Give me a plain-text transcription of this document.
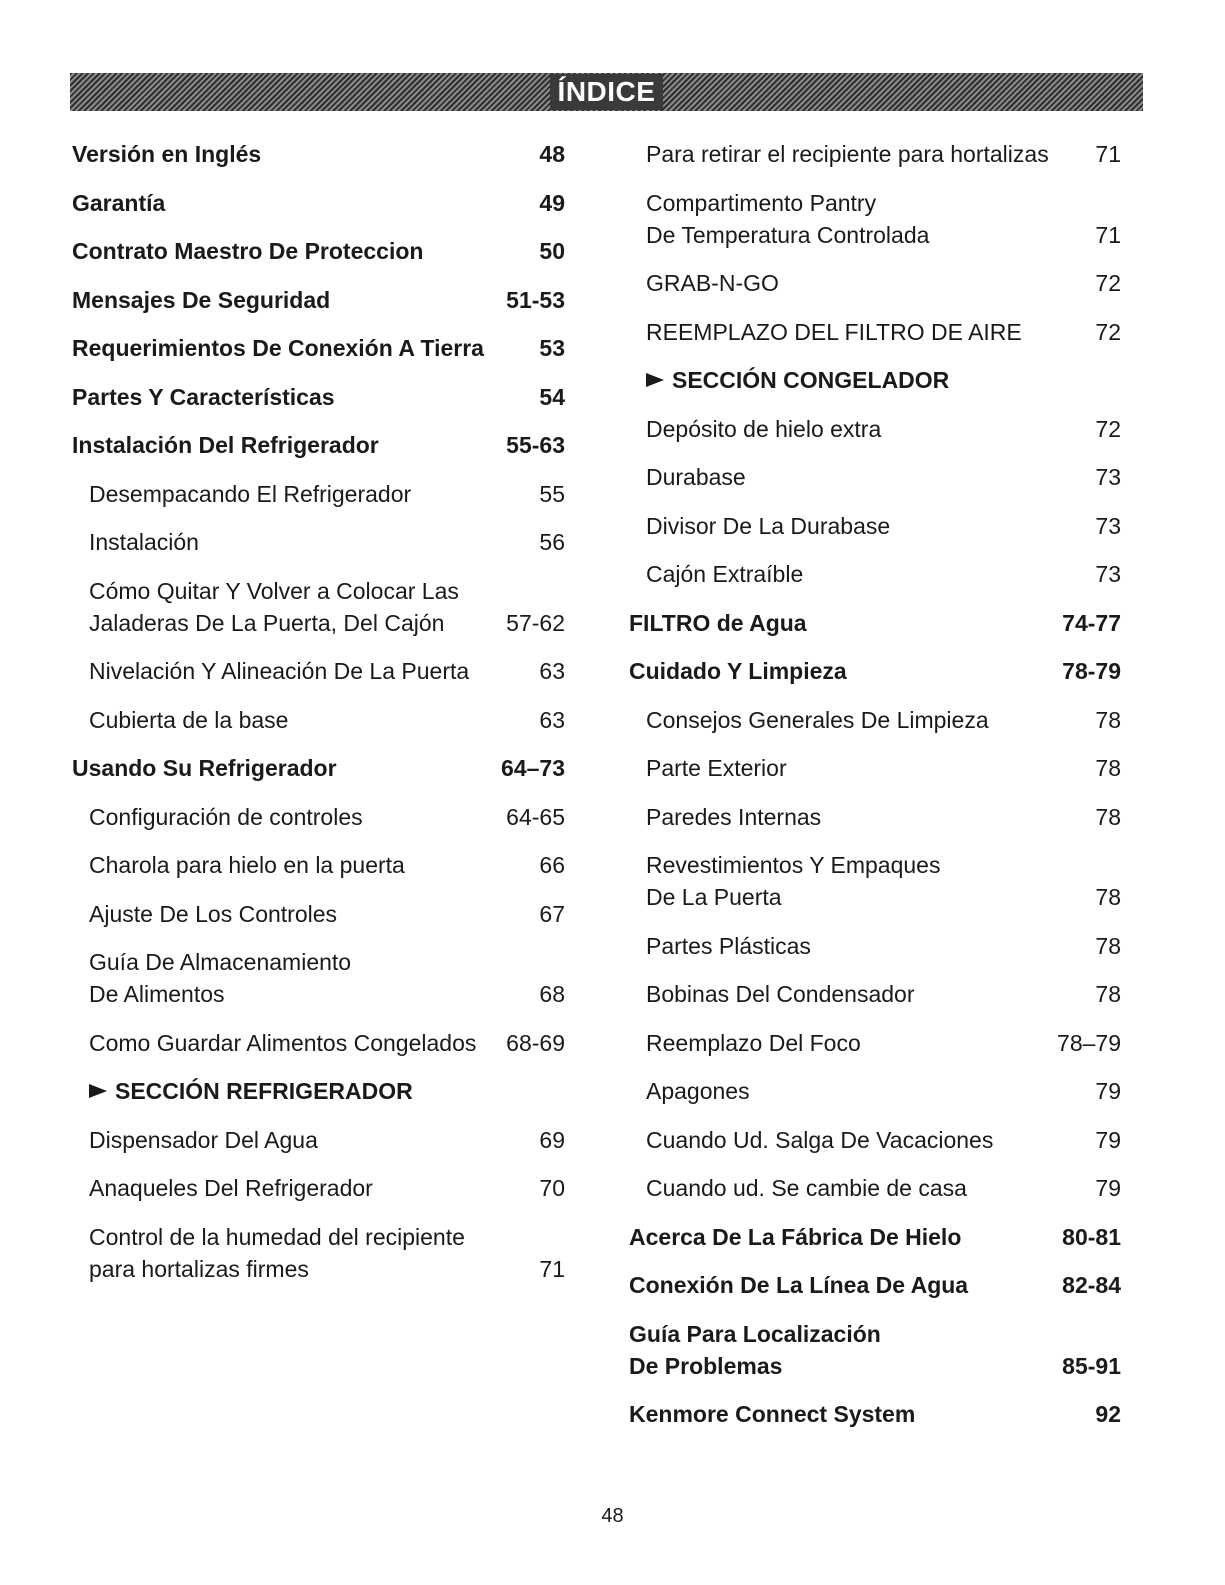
ÍNDICE
Versión en Inglés	48
Garantía	49
Contrato Maestro De Proteccion	50
Mensajes De Seguridad	51-53
Requerimientos De Conexión A Tierra	53
Partes Y Características	54
Instalación Del Refrigerador	55-63
Desempacando El Refrigerador	55
Instalación	56
Cómo Quitar Y Volver a Colocar Las
Jaladeras De La Puerta, Del Cajón	57-62
Nivelación Y Alineación De La Puerta	63
Cubierta de la base	63
Usando Su Refrigerador	64–73
Configuración de controles	64-65
Charola para hielo en la puerta	66
Ajuste De Los Controles	67
Guía De Almacenamiento
De Alimentos	68
Como Guardar Alimentos Congelados	68-69
SECCIÓN REFRIGERADOR
Dispensador Del Agua	69
Anaqueles Del Refrigerador	70
Control de la humedad del recipiente
para hortalizas firmes	71
Para retirar el recipiente para hortalizas	71
Compartimento Pantry
De Temperatura Controlada	71
GRAB-N-GO	72
REEMPLAZO DEL FILTRO DE AIRE	72
SECCIÓN CONGELADOR
Depósito de hielo extra	72
Durabase	73
Divisor De La Durabase	73
Cajón Extraíble	73
FILTRO de Agua	74-77
Cuidado Y Limpieza	78-79
Consejos Generales De Limpieza	78
Parte Exterior	78
Paredes Internas	78
Revestimientos Y Empaques
De La Puerta	78
Partes Plásticas	78
Bobinas Del Condensador	78
Reemplazo Del Foco	78–79
Apagones	79
Cuando Ud. Salga De Vacaciones	79
Cuando ud. Se cambie de casa	79
Acerca De La Fábrica De Hielo	80-81
Conexión De La Línea De Agua	82-84
Guía Para Localización
De Problemas	85-91
Kenmore Connect System	92
48
